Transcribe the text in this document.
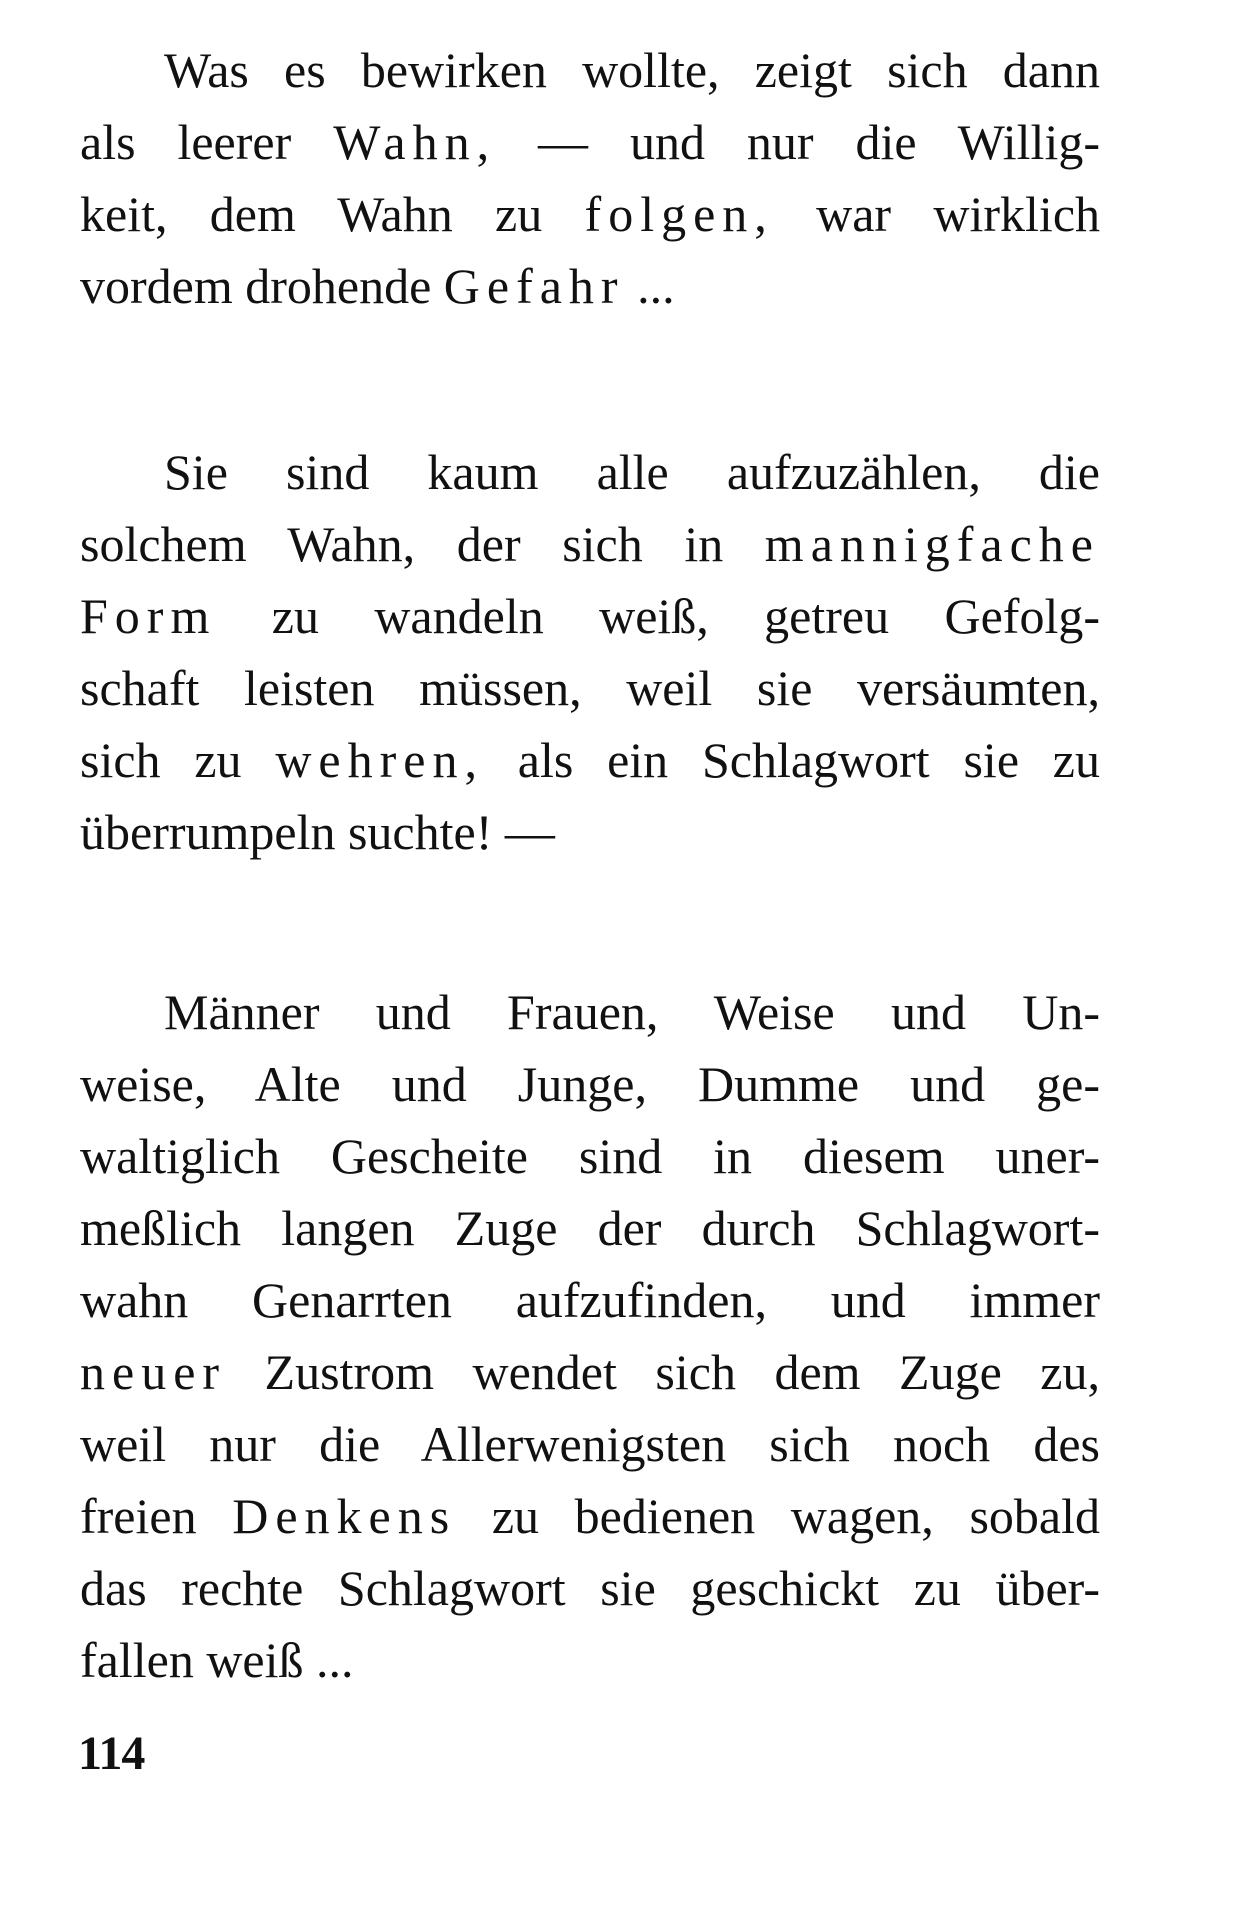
Was es bewirken wollte, zeigt sich dann
als leerer Wahn, — und nur die Willig-
keit, dem Wahn zu folgen, war wirklich
vordem drohende Gefahr ...
Sie sind kaum alle aufzuzählen, die
solchem Wahn, der sich in mannigfache
Form zu wandeln weiß, getreu Gefolg-
schaft leisten müssen, weil sie versäumten,
sich zu wehren, als ein Schlagwort sie zu
überrumpeln suchte! —
Männer und Frauen, Weise und Un-
weise, Alte und Junge, Dumme und ge-
waltiglich Gescheite sind in diesem uner-
meßlich langen Zuge der durch Schlagwort-
wahn Genarrten aufzufinden, und immer
neuer Zustrom wendet sich dem Zuge zu,
weil nur die Allerwenigsten sich noch des
freien Denkens zu bedienen wagen, sobald
das rechte Schlagwort sie geschickt zu über-
fallen weiß ...
114
